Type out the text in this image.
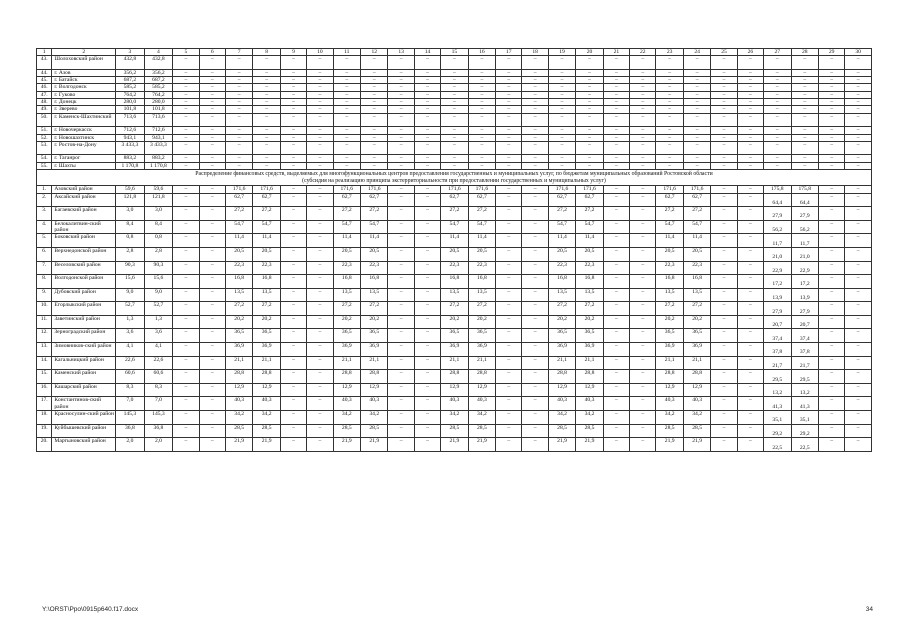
1	2	3	4	5	6	7	8	9	10	11	12	13	14	15	16	17	18	19	20	21	22	23	24	25	26	27	28	29	30
43.	Шолоховский район	432,8	432,8	–	–	–	–	–	–	–	–	–	–	–	–	–	–	–	–	–	–	–	–	–	–	–	–	–	–
44.	г. Азов	356,2	356,2	–	–	–	–	–	–	–	–	–	–	–	–	–	–	–	–	–	–	–	–	–	–	–	–	–	–
45.	г. Батайск	687,2	687,2	–	–	–	–	–	–	–	–	–	–	–	–	–	–	–	–	–	–	–	–	–	–	–	–	–	–
46.	г. Волгодонск	585,2	585,2	–	–	–	–	–	–	–	–	–	–	–	–	–	–	–	–	–	–	–	–	–	–	–	–	–	–
47.	г. Гуково	764,2	764,2	–	–	–	–	–	–	–	–	–	–	–	–	–	–	–	–	–	–	–	–	–	–	–	–	–	–
48.	г. Донецк	280,0	280,0	–	–	–	–	–	–	–	–	–	–	–	–	–	–	–	–	–	–	–	–	–	–	–	–	–	–
49.	г. Зверево	101,8	101,8	–	–	–	–	–	–	–	–	–	–	–	–	–	–	–	–	–	–	–	–	–	–	–	–	–	–
50.	г. Каменск-Шахтинский	713,6	713,6	–	–	–	–	–	–	–	–	–	–	–	–	–	–	–	–	–	–	–	–	–	–	–	–	–	–
51.	г. Новочеркасск	712,6	712,6	–	–	–	–	–	–	–	–	–	–	–	–	–	–	–	–	–	–	–	–	–	–	–	–	–	–
52.	г. Новошахтинск	943,1	943,1	–	–	–	–	–	–	–	–	–	–	–	–	–	–	–	–	–	–	–	–	–	–	–	–	–	–
53.	г. Ростов-на-Дону	3 433,3	3 433,3	–	–	–	–	–	–	–	–	–	–	–	–	–	–	–	–	–	–	–	–	–	–	–	–	–	–
54.	г. Таганрог	883,2	883,2	–	–	–	–	–	–	–	–	–	–	–	–	–	–	–	–	–	–	–	–	–	–	–	–	–	–
55.	г. Шахты	1 170,8	1 170,8	–	–	–	–	–	–	–	–	–	–	–	–	–	–	–	–	–	–	–	–	–	–	–	–	–	–

Распределение финансовых средств, выделяемых для многофункциональных центров предоставления государственных и муниципальных услуг, по бюджетам муниципальных образований Ростовской области
(субсидия на реализацию принципа экстерриториальности при предоставлении государственных и муниципальных услуг)																													

1.	Азовский район	59,6	59,6	–	–	171,6	171,6	–	–	171,6	171,6	–	–	171,6	171,6	–	–	171,6	171,6	–	–	171,6	171,6	–	–	175,8	175,8	–	–
2.	Аксайский район	121,8	121,8	–	–	62,7	62,7	–	–	62,7	62,7	–	–	62,7	62,7	–	–	62,7	62,7	–	–	62,7	62,7	–	–	64,4	64,4	–	–
3.	Багаевский район	3,0	3,0	–	–	27,2	27,2	–	–	27,2	27,2	–	–	27,2	27,2	–	–	27,2	27,2	–	–	27,2	27,2	–	–	27,9	27,9	–	–
4.	Белокалитвин-ский район	8,4	8,4	–	–	54,7	54,7	–	–	54,7	54,7	–	–	54,7	54,7	–	–	54,7	54,7	–	–	54,7	54,7	–	–	56,2	56,2	–	–
5.	Боковский район	0,8	0,8	–	–	11,4	11,4	–	–	11,4	11,4	–	–	11,4	11,4	–	–	11,4	11,4	–	–	11,4	11,4	–	–	11,7	11,7	–	–
6.	Верхнедонской район	2,8	2,8	–	–	20,5	20,5	–	–	20,5	20,5	–	–	20,5	20,5	–	–	20,5	20,5	–	–	20,5	20,5	–	–	21,0	21,0	–	–
7.	Веселовский район	90,3	90,3	–	–	22,3	22,3	–	–	22,3	22,3	–	–	22,3	22,3	–	–	22,3	22,3	–	–	22,3	22,3	–	–	22,9	22,9	–	–
8.	Волгодонской район	15,6	15,6	–	–	16,8	16,8	–	–	16,8	16,8	–	–	16,8	16,8	–	–	16,8	16,8	–	–	16,8	16,8	–	–	17,2	17,2	–	–
9.	Дубовский район	9,0	9,0	–	–	13,5	13,5	–	–	13,5	13,5	–	–	13,5	13,5	–	–	13,5	13,5	–	–	13,5	13,5	–	–	13,9	13,9	–	–
10.	Егорлыкский район	52,7	52,7	–	–	27,2	27,2	–	–	27,2	27,2	–	–	27,2	27,2	–	–	27,2	27,2	–	–	27,2	27,2	–	–	27,9	27,9	–	–
11.	Заветинский район	1,3	1,3	–	–	20,2	20,2	–	–	20,2	20,2	–	–	20,2	20,2	–	–	20,2	20,2	–	–	20,2	20,2	–	–	20,7	20,7	–	–
12.	Зерноградский район	3,6	3,6	–	–	36,5	36,5	–	–	36,5	36,5	–	–	36,5	36,5	–	–	36,5	36,5	–	–	36,5	36,5	–	–	37,4	37,4	–	–
13.	Зимовников-ский район	4,1	4,1	–	–	36,9	36,9	–	–	36,9	36,9	–	–	36,9	36,9	–	–	36,9	36,9	–	–	36,9	36,9	–	–	37,8	37,8	–	–
14.	Кагальницкий район	22,6	22,6	–	–	21,1	21,1	–	–	21,1	21,1	–	–	21,1	21,1	–	–	21,1	21,1	–	–	21,1	21,1	–	–	21,7	21,7	–	–
15.	Каменский район	60,6	60,6	–	–	28,8	28,8	–	–	28,8	28,8	–	–	28,8	28,8	–	–	28,8	28,8	–	–	28,8	28,8	–	–	29,5	29,5	–	–
16.	Кашарский район	8,3	8,3	–	–	12,9	12,9	–	–	12,9	12,9	–	–	12,9	12,9	–	–	12,9	12,9	–	–	12,9	12,9	–	–	13,2	13,2	–	–
17.	Константинов-ский район	7,0	7,0	–	–	40,3	40,3	–	–	40,3	40,3	–	–	40,3	40,3	–	–	40,3	40,3	–	–	40,3	40,3	–	–	41,3	41,3	–	–
18.	Красносулин-ский район	145,3	145,3	–	–	34,2	34,2	–	–	34,2	34,2	–	–	34,2	34,2	–	–	34,2	34,2	–	–	34,2	34,2	–	–	35,1	35,1	–	–
19.	Куйбышевский район	36,8	36,8	–	–	28,5	28,5	–	–	28,5	28,5	–	–	28,5	28,5	–	–	28,5	28,5	–	–	28,5	28,5	–	–	29,2	29,2	–	–
20.	Мартыновский район	2,0	2,0	–	–	21,9	21,9	–	–	21,9	21,9	–	–	21,9	21,9	–	–	21,9	21,9	–	–	21,9	21,9	–	–	22,5	22,5	–	–
Y:\ORST\Ppo\0915p640.f17.docx	34
